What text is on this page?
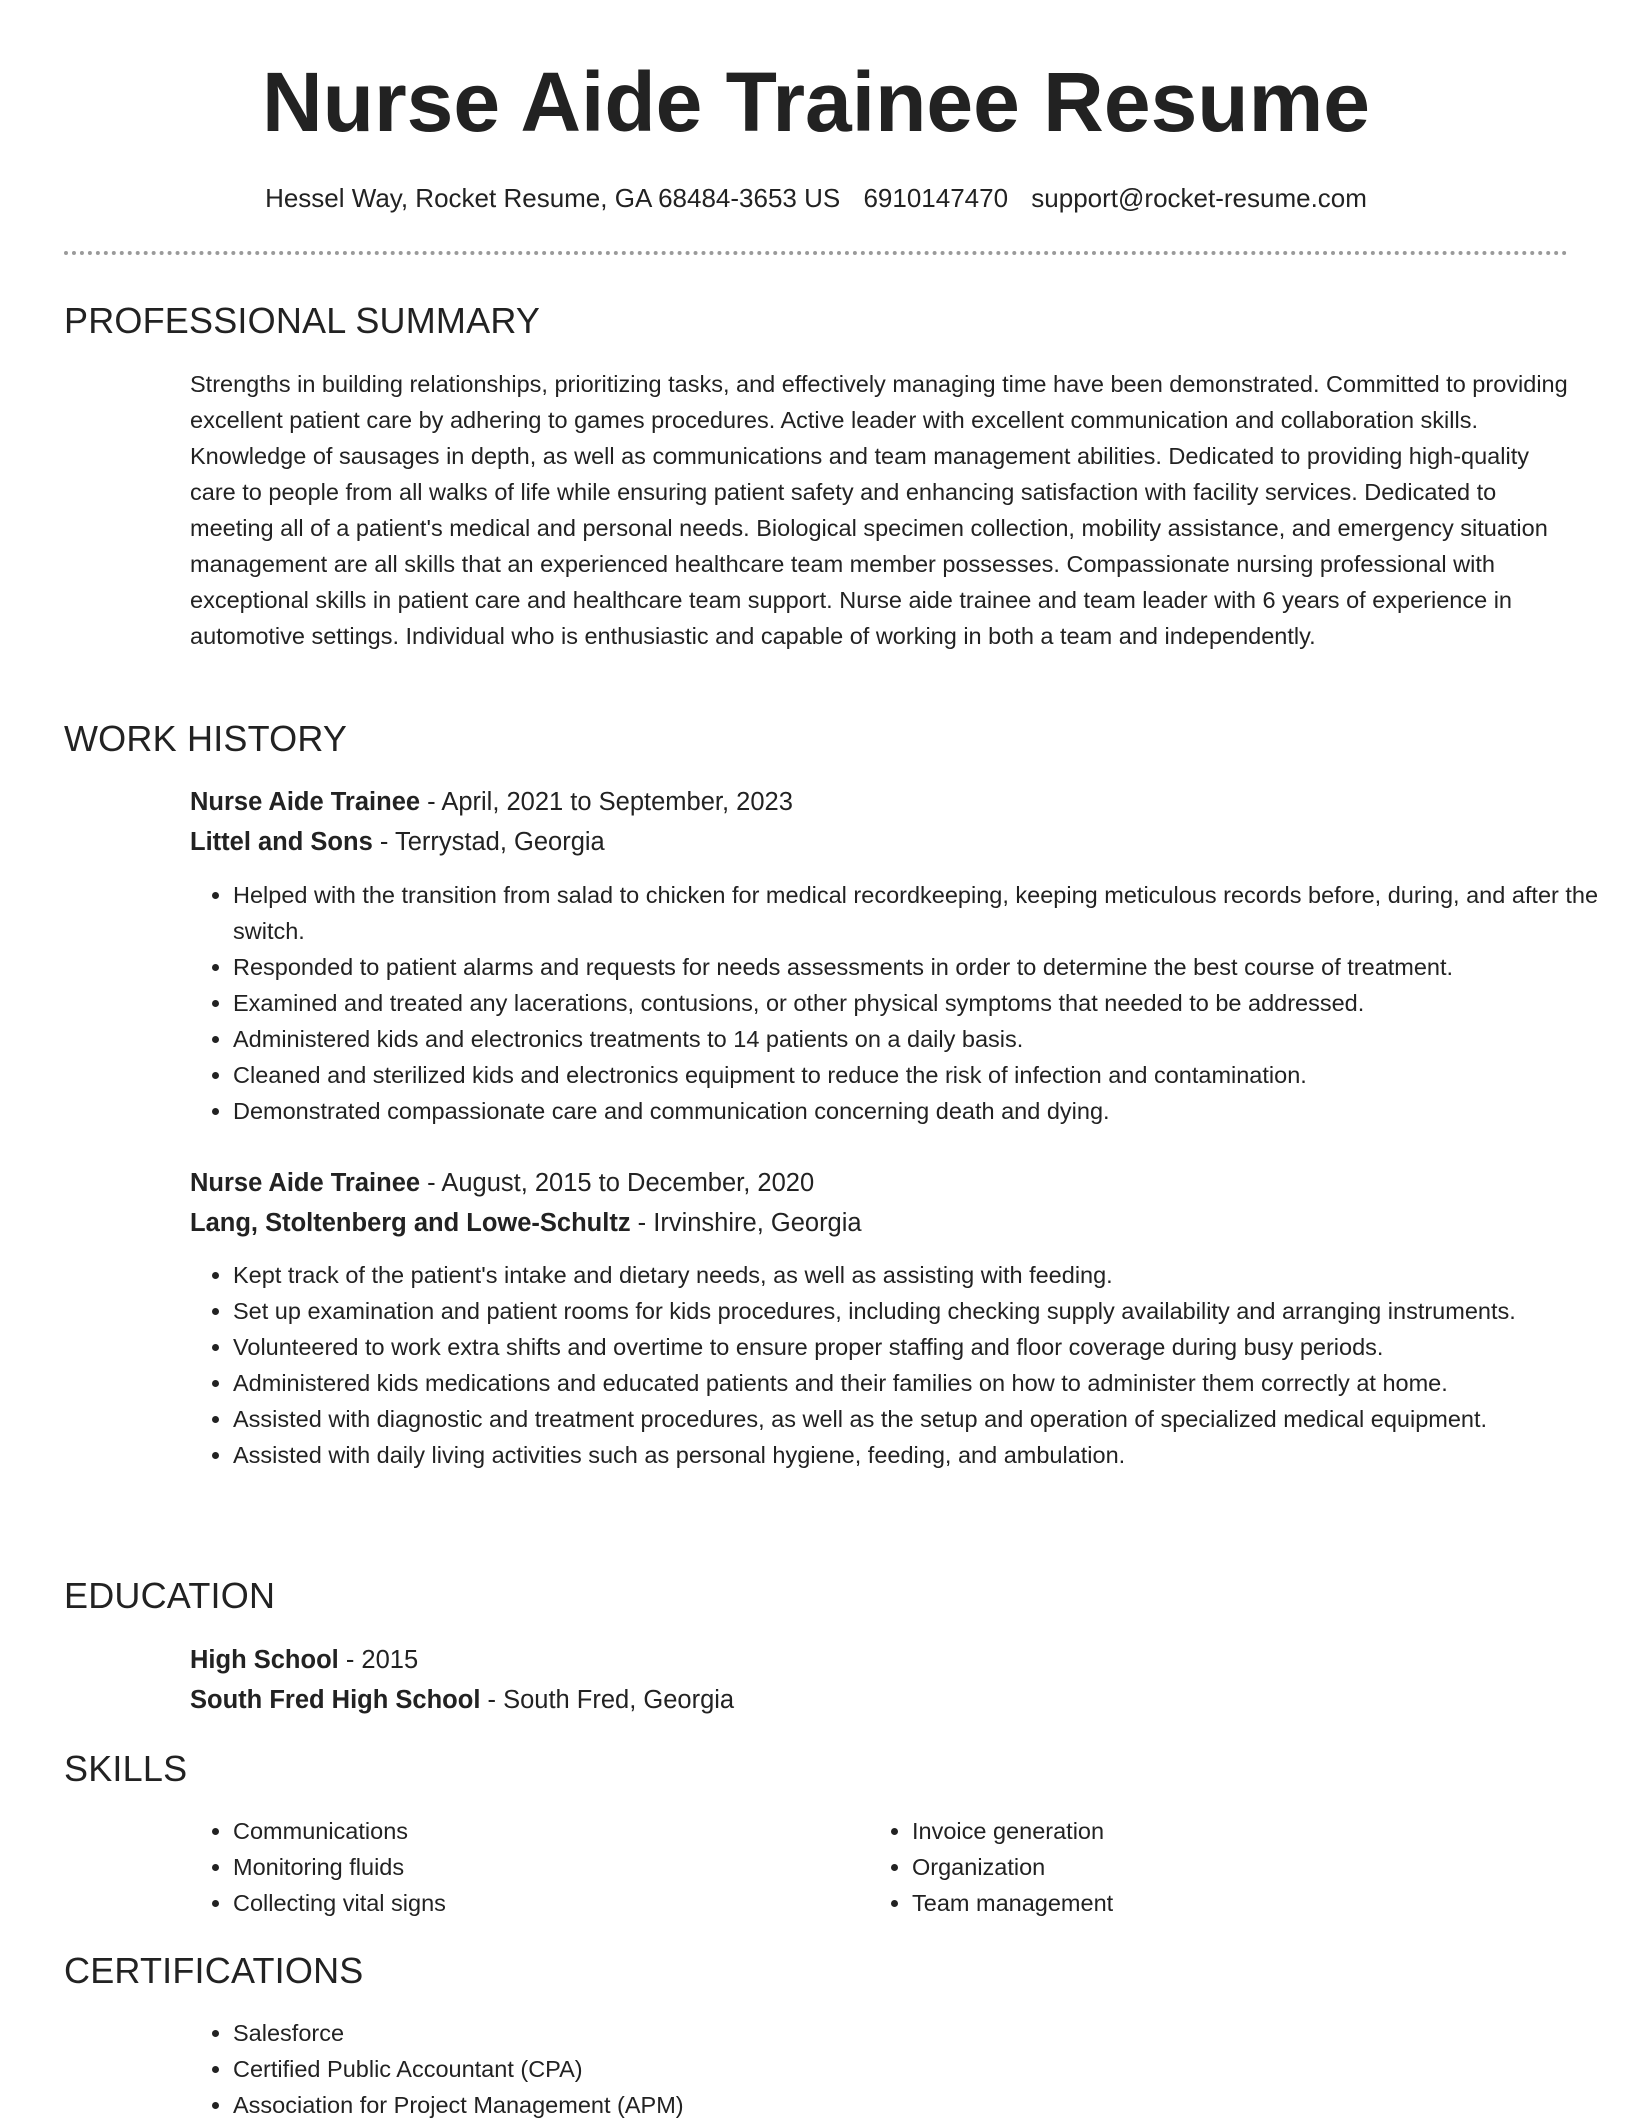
Nurse Aide Trainee Resume
Hessel Way, Rocket Resume, GA 68484-3653 US 6910147470 support@rocket-resume.com
PROFESSIONAL SUMMARY

Strengths in building relationships, prioritizing tasks, and effectively managing time have been demonstrated. Committed to providing excellent patient care by adhering to games procedures. Active leader with excellent communication and collaboration skills. Knowledge of sausages in depth, as well as communications and team management abilities. Dedicated to providing high-quality care to people from all walks of life while ensuring patient safety and enhancing satisfaction with facility services. Dedicated to meeting all of a patient's medical and personal needs. Biological specimen collection, mobility assistance, and emergency situation management are all skills that an experienced healthcare team member possesses. Compassionate nursing professional with exceptional skills in patient care and healthcare team support. Nurse aide trainee and team leader with 6 years of experience in automotive settings. Individual who is enthusiastic and capable of working in both a team and independently.

WORK HISTORY
Nurse Aide Trainee - April, 2021 to September, 2023
Littel and Sons - Terrystad, Georgia
• Helped with the transition from salad to chicken for medical recordkeeping, keeping meticulous records before, during, and after the switch.
• Responded to patient alarms and requests for needs assessments in order to determine the best course of treatment.
• Examined and treated any lacerations, contusions, or other physical symptoms that needed to be addressed.
• Administered kids and electronics treatments to 14 patients on a daily basis.
• Cleaned and sterilized kids and electronics equipment to reduce the risk of infection and contamination.
• Demonstrated compassionate care and communication concerning death and dying.
Nurse Aide Trainee - August, 2015 to December, 2020
Lang, Stoltenberg and Lowe-Schultz - Irvinshire, Georgia
• Kept track of the patient's intake and dietary needs, as well as assisting with feeding.
• Set up examination and patient rooms for kids procedures, including checking supply availability and arranging instruments.
• Volunteered to work extra shifts and overtime to ensure proper staffing and floor coverage during busy periods.
• Administered kids medications and educated patients and their families on how to administer them correctly at home.
• Assisted with diagnostic and treatment procedures, as well as the setup and operation of specialized medical equipment.
• Assisted with daily living activities such as personal hygiene, feeding, and ambulation.
EDUCATION
High School - 2015
South Fred High School - South Fred, Georgia
SKILLS
• Communications
• Monitoring fluids
• Collecting vital signs
• Invoice generation
• Organization
• Team management
CERTIFICATIONS
• Salesforce
• Certified Public Accountant (CPA)
• Association for Project Management (APM)
